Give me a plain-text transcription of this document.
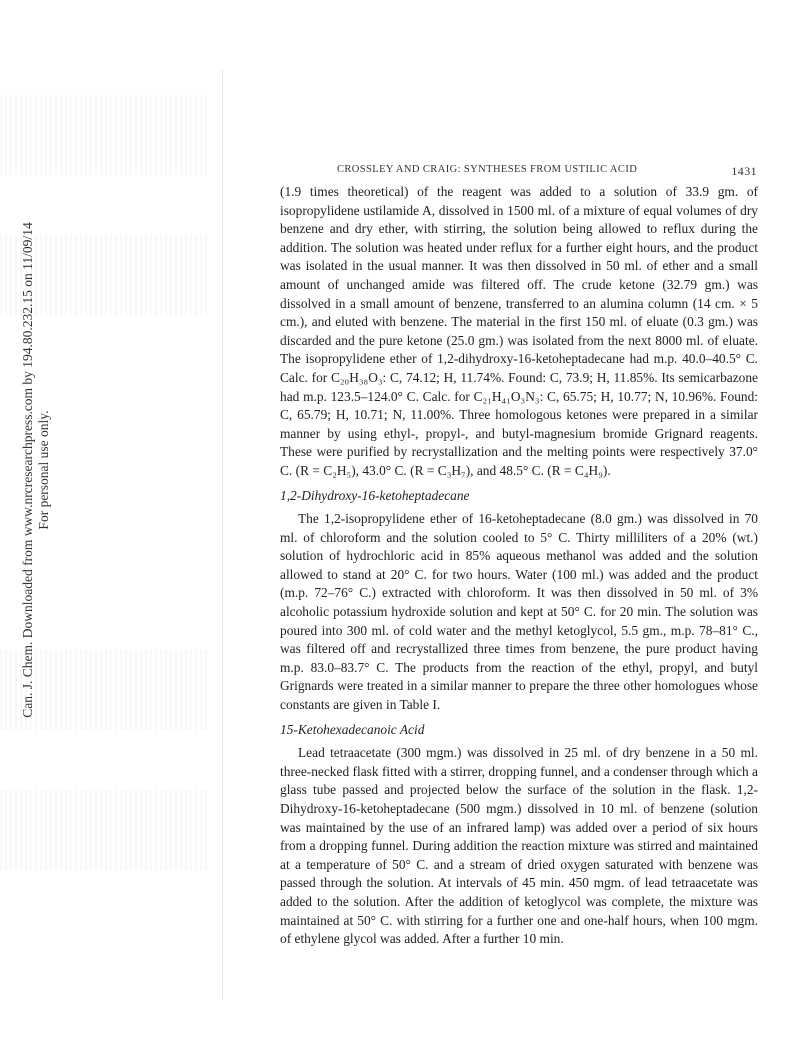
Can. J. Chem. Downloaded from www.nrcresearchpress.com by 194.80.232.15 on 11/09/14 For personal use only.
CROSSLEY AND CRAIG: SYNTHESES FROM USTILIC ACID	1431

(1.9 times theoretical) of the reagent was added to a solution of 33.9 gm. of isopropylidene ustilamide A, dissolved in 1500 ml. of a mixture of equal volumes of dry benzene and dry ether, with stirring, the solution being allowed to reflux during the addition. The solution was heated under reflux for a further eight hours, and the product was isolated in the usual manner. It was then dissolved in 50 ml. of ether and a small amount of unchanged amide was filtered off. The crude ketone (32.79 gm.) was dissolved in a small amount of benzene, transferred to an alumina column (14 cm. × 5 cm.), and eluted with benzene. The material in the first 150 ml. of eluate (0.3 gm.) was discarded and the pure ketone (25.0 gm.) was isolated from the next 8000 ml. of eluate. The isopropylidene ether of 1,2-dihydroxy-16-ketoheptadecane had m.p. 40.0–40.5° C. Calc. for C₂₀H₃₈O₃: C, 74.12; H, 11.74%. Found: C, 73.9; H, 11.85%. Its semicarbazone had m.p. 123.5–124.0° C. Calc. for C₂₁H₄₁O₃N₃: C, 65.75; H, 10.77; N, 10.96%. Found: C, 65.79; H, 10.71; N, 11.00%. Three homologous ketones were prepared in a similar manner by using ethyl-, propyl-, and butyl-magnesium bromide Grignard reagents. These were purified by recrystallization and the melting points were respectively 37.0° C. (R = C₂H₅), 43.0° C. (R = C₃H₇), and 48.5° C. (R = C₄H₉).

1,2-Dihydroxy-16-ketoheptadecane

The 1,2-isopropylidene ether of 16-ketoheptadecane (8.0 gm.) was dissolved in 70 ml. of chloroform and the solution cooled to 5° C. Thirty milliliters of a 20% (wt.) solution of hydrochloric acid in 85% aqueous methanol was added and the solution allowed to stand at 20° C. for two hours. Water (100 ml.) was added and the product (m.p. 72–76° C.) extracted with chloroform. It was then dissolved in 50 ml. of 3% alcoholic potassium hydroxide solution and kept at 50° C. for 20 min. The solution was poured into 300 ml. of cold water and the methyl ketoglycol, 5.5 gm., m.p. 78–81° C., was filtered off and recrystallized three times from benzene, the pure product having m.p. 83.0–83.7° C. The products from the reaction of the ethyl, propyl, and butyl Grignards were treated in a similar manner to prepare the three other homologues whose constants are given in Table I.

15-Ketohexadecanoic Acid

Lead tetraacetate (300 mgm.) was dissolved in 25 ml. of dry benzene in a 50 ml. three-necked flask fitted with a stirrer, dropping funnel, and a condenser through which a glass tube passed and projected below the surface of the solution in the flask. 1,2-Dihydroxy-16-ketoheptadecane (500 mgm.) dissolved in 10 ml. of benzene (solution was maintained by the use of an infrared lamp) was added over a period of six hours from a dropping funnel. During addition the reaction mixture was stirred and maintained at a temperature of 50° C. and a stream of dried oxygen saturated with benzene was passed through the solution. At intervals of 45 min. 450 mgm. of lead tetraacetate was added to the solution. After the addition of ketoglycol was complete, the mixture was maintained at 50° C. with stirring for a further one and one-half hours, when 100 mgm. of ethylene glycol was added. After a further 10 min.
